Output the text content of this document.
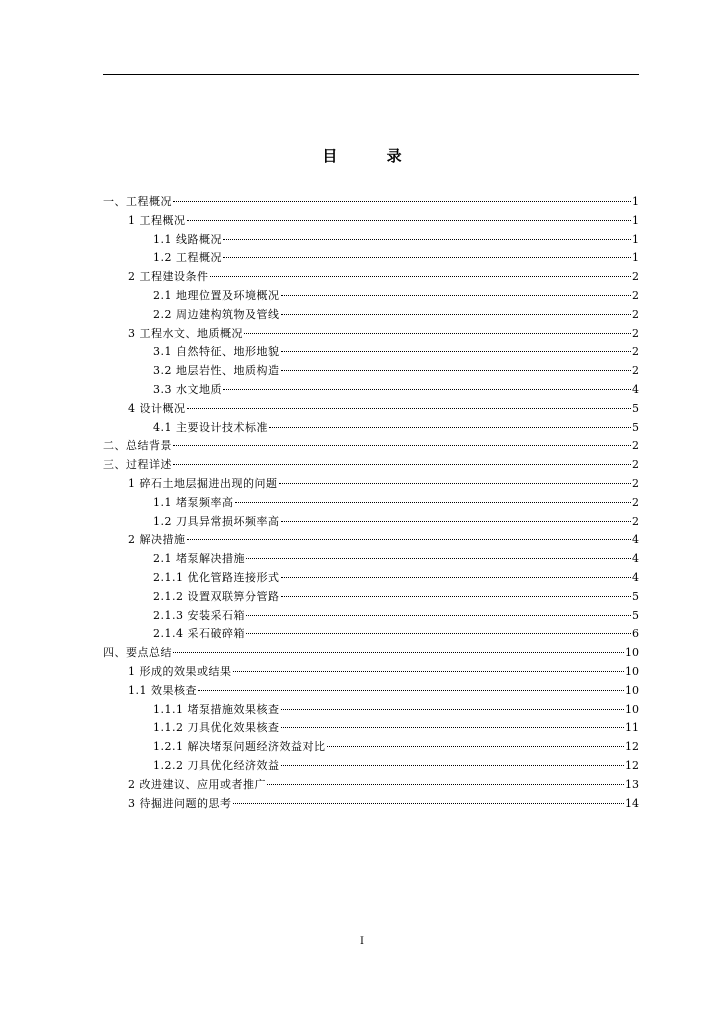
目 录
一、工程概况	1
1 工程概况	1
1.1 线路概况	1
1.2 工程概况	1
2 工程建设条件	2
2.1 地理位置及环境概况	2
2.2 周边建构筑物及管线	2
3 工程水文、地质概况	2
3.1 自然特征、地形地貌	2
3.2 地层岩性、地质构造	2
3.3 水文地质	4
4 设计概况	5
4.1 主要设计技术标准	5
二、总结背景	2
三、过程详述	2
1 碎石土地层掘进出现的问题	2
1.1 堵泵频率高	2
1.2 刀具异常损坏频率高	2
2 解决措施	4
2.1 堵泵解决措施	4
2.1.1 优化管路连接形式	4
2.1.2 设置双联箅分管路	5
2.1.3 安装采石箱	5
2.1.4 采石破碎箱	6
四、要点总结	10
1 形成的效果或结果	10
1.1 效果核查	10
1.1.1 堵泵措施效果核查	10
1.1.2 刀具优化效果核查	11
1.2.1 解决堵泵问题经济效益对比	12
1.2.2 刀具优化经济效益	12
2 改进建议、应用或者推广	13
3 待掘进问题的思考	14
I
